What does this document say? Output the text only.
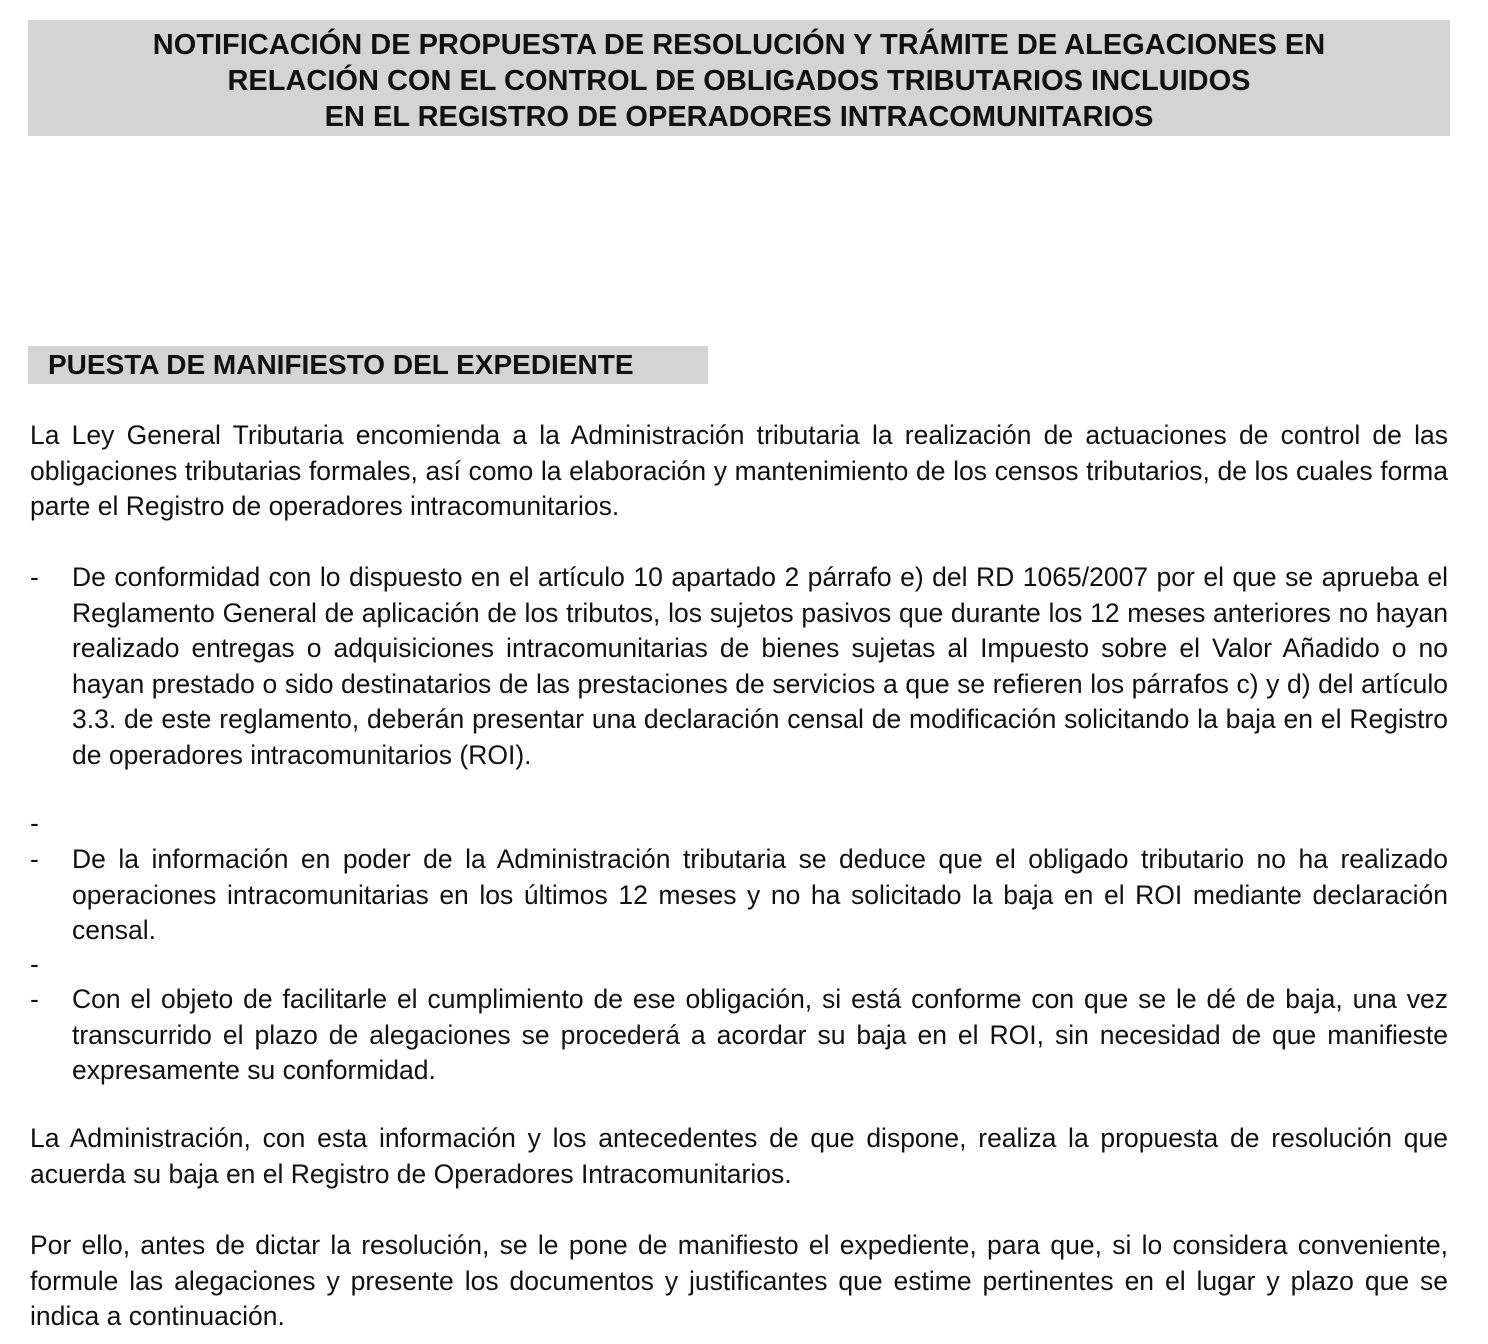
NOTIFICACIÓN DE PROPUESTA DE RESOLUCIÓN Y TRÁMITE DE ALEGACIONES EN
RELACIÓN CON EL CONTROL DE OBLIGADOS TRIBUTARIOS INCLUIDOS
EN EL REGISTRO DE OPERADORES INTRACOMUNITARIOS
PUESTA DE MANIFIESTO DEL EXPEDIENTE

La Ley General Tributaria encomienda a la Administración tributaria la realización de actuaciones de control de las obligaciones tributarias formales, así como la elaboración y mantenimiento de los censos tributarios, de los cuales forma parte el Registro de operadores intracomunitarios.

-	De conformidad con lo dispuesto en el artículo 10 apartado 2 párrafo e) del RD 1065/2007 por el que se aprueba el Reglamento General de aplicación de los tributos, los sujetos pasivos que durante los 12 meses anteriores no hayan realizado entregas o adquisiciones intracomunitarias de bienes sujetas al Impuesto sobre el Valor Añadido o no hayan prestado o sido destinatarios de las prestaciones de servicios a que se refieren los párrafos c) y d) del artículo 3.3. de este reglamento, deberán presentar una declaración censal de modificación solicitando la baja en el Registro de operadores intracomunitarios (ROI).
-
-	De la información en poder de la Administración tributaria se deduce que el obligado tributario no ha realizado operaciones intracomunitarias en los últimos 12 meses y no ha solicitado la baja en el ROI mediante declaración censal.
-
-	Con el objeto de facilitarle el cumplimiento de ese obligación, si está conforme con que se le dé de baja, una vez transcurrido el plazo de alegaciones se procederá a acordar su baja en el ROI, sin necesidad de que manifieste expresamente su conformidad.

La Administración, con esta información y los antecedentes de que dispone, realiza la propuesta de resolución que acuerda su baja en el Registro de Operadores Intracomunitarios.

Por ello, antes de dictar la resolución, se le pone de manifiesto el expediente, para que, si lo considera conveniente, formule las alegaciones y presente los documentos y justificantes que estime pertinentes en el lugar y plazo que se indica a continuación.
